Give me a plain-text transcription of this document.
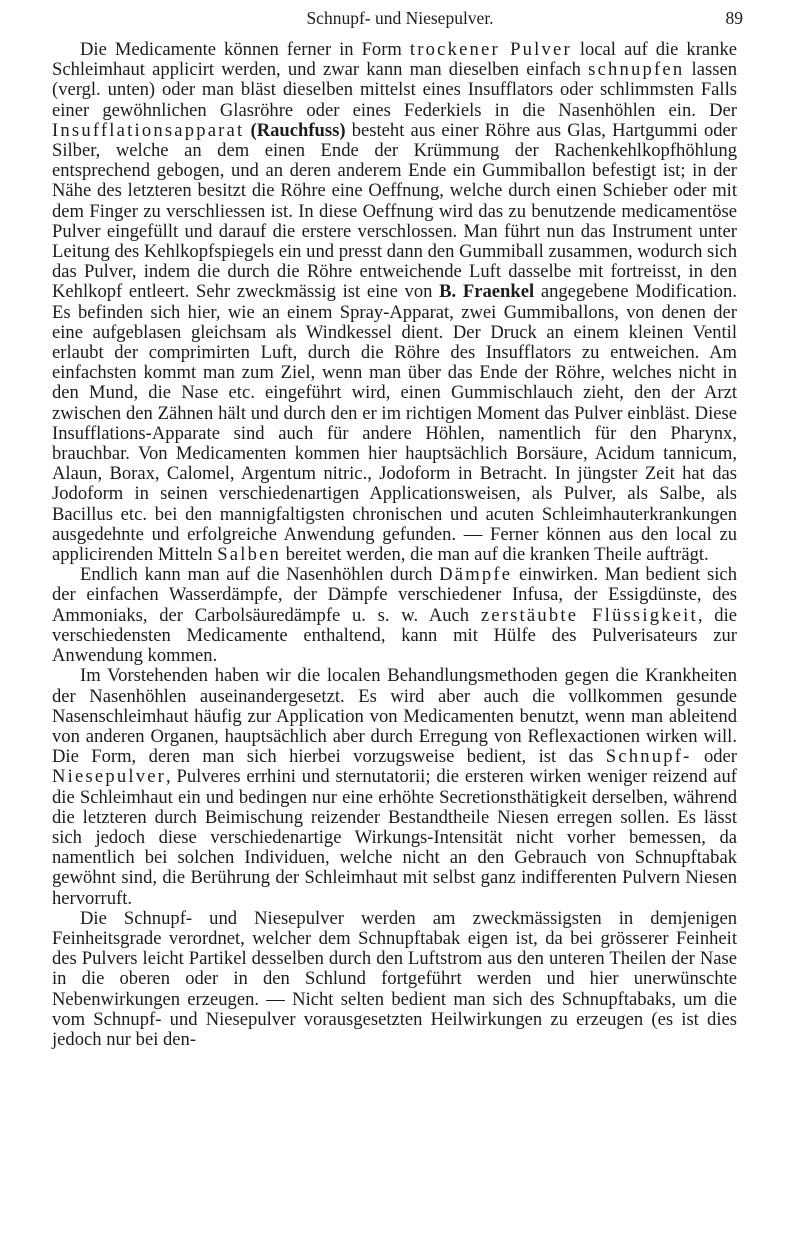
Schnupf- und Niesepulver.	89

Die Medicamente können ferner in Form trockener Pulver local auf die kranke Schleimhaut applicirt werden, und zwar kann man dieselben einfach schnupfen lassen (vergl. unten) oder man bläst dieselben mittelst eines Insufflators oder schlimmsten Falls einer gewöhnlichen Glasröhre oder eines Federkiels in die Nasenhöhlen ein. Der Insufflationsapparat (Rauchfuss) besteht aus einer Röhre aus Glas, Hartgummi oder Silber, welche an dem einen Ende der Krümmung der Rachenkehlkopfhöhlung entsprechend gebogen, und an deren anderem Ende ein Gummiballon befestigt ist; in der Nähe des letzteren besitzt die Röhre eine Oeffnung, welche durch einen Schieber oder mit dem Finger zu verschliessen ist. In diese Oeffnung wird das zu benutzende medicamentöse Pulver eingefüllt und darauf die erstere verschlossen. Man führt nun das Instrument unter Leitung des Kehlkopfspiegels ein und presst dann den Gummiball zusammen, wodurch sich das Pulver, indem die durch die Röhre entweichende Luft dasselbe mit fortreisst, in den Kehlkopf entleert. Sehr zweckmässig ist eine von B. Fraenkel angegebene Modification. Es befinden sich hier, wie an einem Spray-Apparat, zwei Gummiballons, von denen der eine aufgeblasen gleichsam als Windkessel dient. Der Druck an einem kleinen Ventil erlaubt der comprimirten Luft, durch die Röhre des Insufflators zu entweichen. Am einfachsten kommt man zum Ziel, wenn man über das Ende der Röhre, welches nicht in den Mund, die Nase etc. eingeführt wird, einen Gummischlauch zieht, den der Arzt zwischen den Zähnen hält und durch den er im richtigen Moment das Pulver einbläst. Diese Insufflations-Apparate sind auch für andere Höhlen, namentlich für den Pharynx, brauchbar. Von Medicamenten kommen hier hauptsächlich Borsäure, Acidum tannicum, Alaun, Borax, Calomel, Argentum nitric., Jodoform in Betracht. In jüngster Zeit hat das Jodoform in seinen verschiedenartigen Applicationsweisen, als Pulver, als Salbe, als Bacillus etc. bei den mannigfaltigsten chronischen und acuten Schleimhauterkrankungen ausgedehnte und erfolgreiche Anwendung gefunden. — Ferner können aus den local zu applicirenden Mitteln Salben bereitet werden, die man auf die kranken Theile aufträgt.

Endlich kann man auf die Nasenhöhlen durch Dämpfe einwirken. Man bedient sich der einfachen Wasserdämpfe, der Dämpfe verschiedener Infusa, der Essigdünste, des Ammoniaks, der Carbolsäuredämpfe u. s. w. Auch zerstäubte Flüssigkeit, die verschiedensten Medicamente enthaltend, kann mit Hülfe des Pulverisateurs zur Anwendung kommen.

Im Vorstehenden haben wir die localen Behandlungsmethoden gegen die Krankheiten der Nasenhöhlen auseinandergesetzt. Es wird aber auch die vollkommen gesunde Nasenschleimhaut häufig zur Application von Medicamenten benutzt, wenn man ableitend von anderen Organen, hauptsächlich aber durch Erregung von Reflexactionen wirken will. Die Form, deren man sich hierbei vorzugsweise bedient, ist das Schnupf- oder Niesepulver, Pulveres errhini und sternutatorii; die ersteren wirken weniger reizend auf die Schleimhaut ein und bedingen nur eine erhöhte Secretionsthätigkeit derselben, während die letzteren durch Beimischung reizender Bestandtheile Niesen erregen sollen. Es lässt sich jedoch diese verschiedenartige Wirkungs-Intensität nicht vorher bemessen, da namentlich bei solchen Individuen, welche nicht an den Gebrauch von Schnupftabak gewöhnt sind, die Berührung der Schleimhaut mit selbst ganz indifferenten Pulvern Niesen hervorruft.

Die Schnupf- und Niesepulver werden am zweckmässigsten in demjenigen Feinheitsgrade verordnet, welcher dem Schnupftabak eigen ist, da bei grösserer Feinheit des Pulvers leicht Partikel desselben durch den Luftstrom aus den unteren Theilen der Nase in die oberen oder in den Schlund fortgeführt werden und hier unerwünschte Nebenwirkungen erzeugen. — Nicht selten bedient man sich des Schnupftabaks, um die vom Schnupf- und Niesepulver vorausgesetzten Heilwirkungen zu erzeugen (es ist dies jedoch nur bei den-
